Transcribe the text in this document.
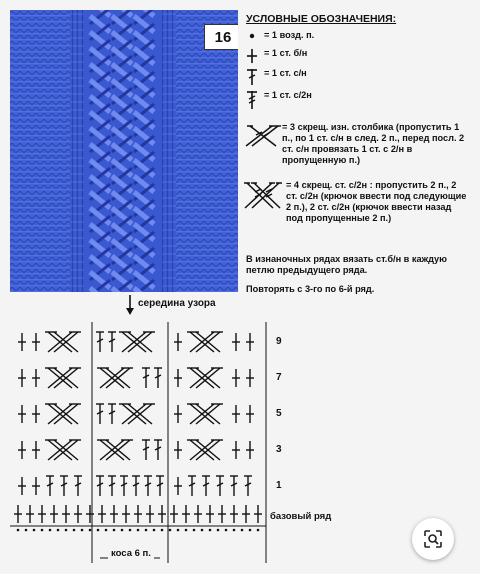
16
УСЛОВНЫЕ ОБОЗНАЧЕНИЯ:
= 1 возд. п.
= 1 ст. б/н
= 1 ст. с/н
= 1 ст. с/2н
= 3 скрещ. изн. столбика (пропустить 1 п., по 1 ст. с/н в след. 2 п., перед посл. 2 ст. с/н провязать 1 ст. с 2/н в пропущенную п.)
= 4 скрещ. ст. с/2н : пропустить 2 п., 2 ст. с/2н (крючок ввести под следующие 2 п.), 2 ст. с/2н (крючок ввести назад под пропущенные 2 п.)
В изнаночных рядах вязать ст.б/н в каждую петлю предыдущего ряда.
Повторять с 3-го по 6-й ряд.
середина узора
9
7
5
3
1
базовый ряд
коса 6 п.
